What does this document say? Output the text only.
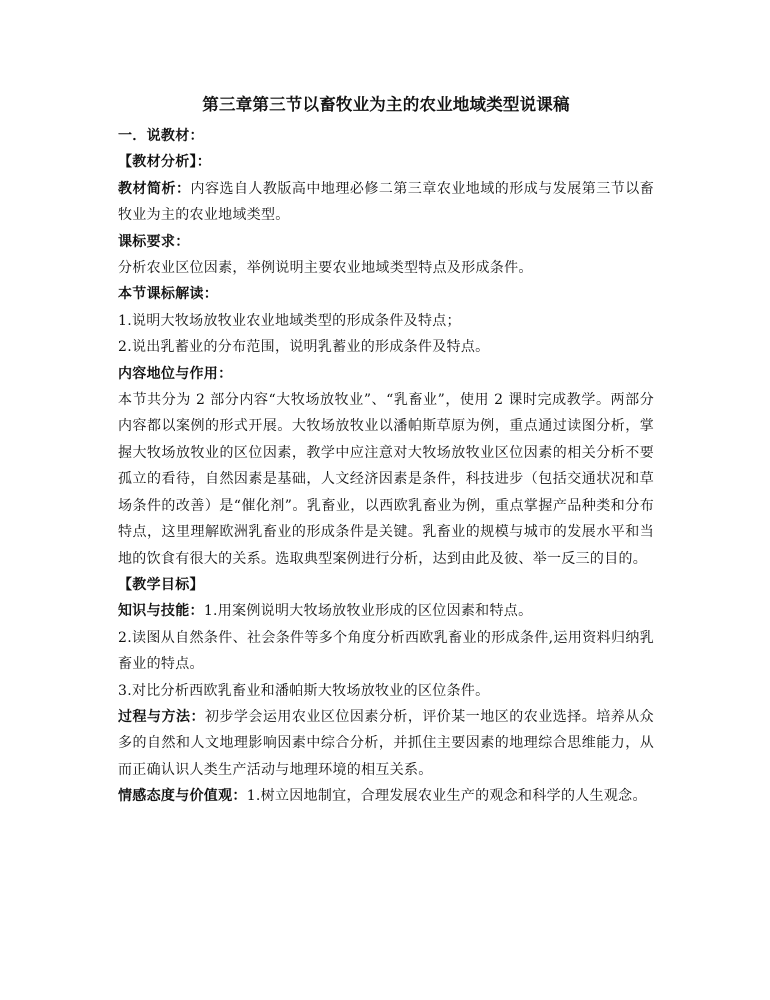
第三章第三节以畜牧业为主的农业地域类型说课稿

一．说教材：

【教材分析】：

教材简析：内容选自人教版高中地理必修二第三章农业地域的形成与发展第三节以畜牧业为主的农业地域类型。

课标要求：

分析农业区位因素，举例说明主要农业地域类型特点及形成条件。

本节课标解读：

1.说明大牧场放牧业农业地域类型的形成条件及特点；

2.说出乳蓄业的分布范围，说明乳蓄业的形成条件及特点。

内容地位与作用：

本节共分为 2 部分内容“大牧场放牧业”、“乳畜业”，使用 2 课时完成教学。两部分内容都以案例的形式开展。大牧场放牧业以潘帕斯草原为例，重点通过读图分析，掌握大牧场放牧业的区位因素，教学中应注意对大牧场放牧业区位因素的相关分析不要孤立的看待，自然因素是基础，人文经济因素是条件，科技进步（包括交通状况和草场条件的改善）是“催化剂”。乳畜业，以西欧乳畜业为例，重点掌握产品种类和分布特点，这里理解欧洲乳畜业的形成条件是关键。乳畜业的规模与城市的发展水平和当地的饮食有很大的关系。选取典型案例进行分析，达到由此及彼、举一反三的目的。

【教学目标】

知识与技能：1.用案例说明大牧场放牧业形成的区位因素和特点。

2.读图从自然条件、社会条件等多个角度分析西欧乳畜业的形成条件,运用资料归纳乳畜业的特点。

3.对比分析西欧乳畜业和潘帕斯大牧场放牧业的区位条件。

过程与方法：初步学会运用农业区位因素分析，评价某一地区的农业选择。培养从众多的自然和人文地理影响因素中综合分析，并抓住主要因素的地理综合思维能力，从而正确认识人类生产活动与地理环境的相互关系。

情感态度与价值观：1.树立因地制宜，合理发展农业生产的观念和科学的人生观念。
